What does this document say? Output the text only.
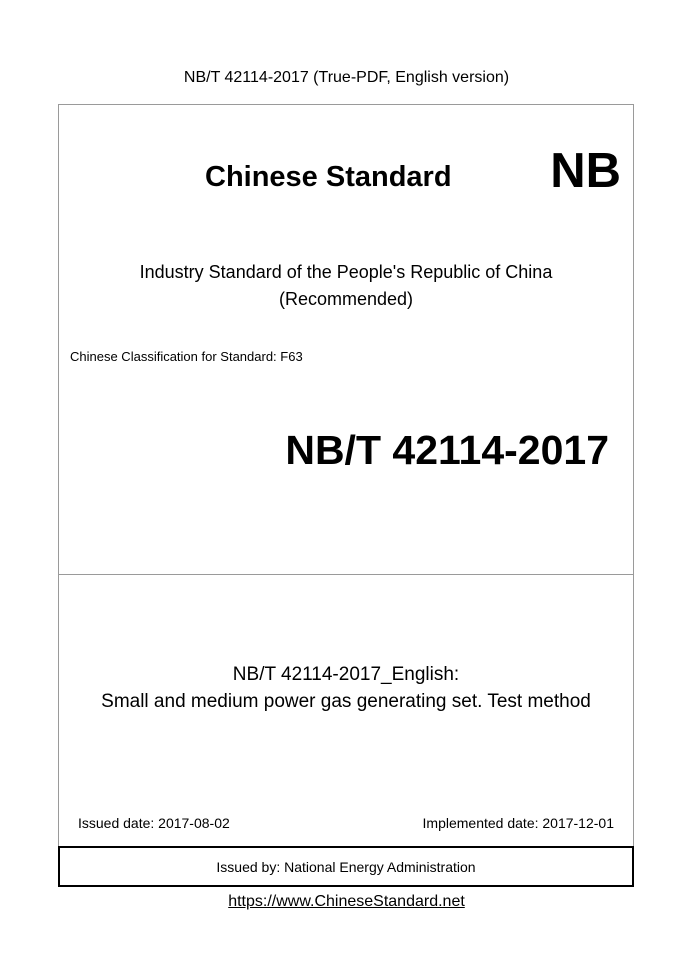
NB/T 42114-2017 (True-PDF, English version)
Chinese Standard NB
Industry Standard of the People's Republic of China
(Recommended)
Chinese Classification for Standard: F63
NB/T 42114-2017
NB/T 42114-2017_English:
Small and medium power gas generating set. Test method
Issued date: 2017-08-02	Implemented date: 2017-12-01
Issued by: National Energy Administration
https://www.ChineseStandard.net
